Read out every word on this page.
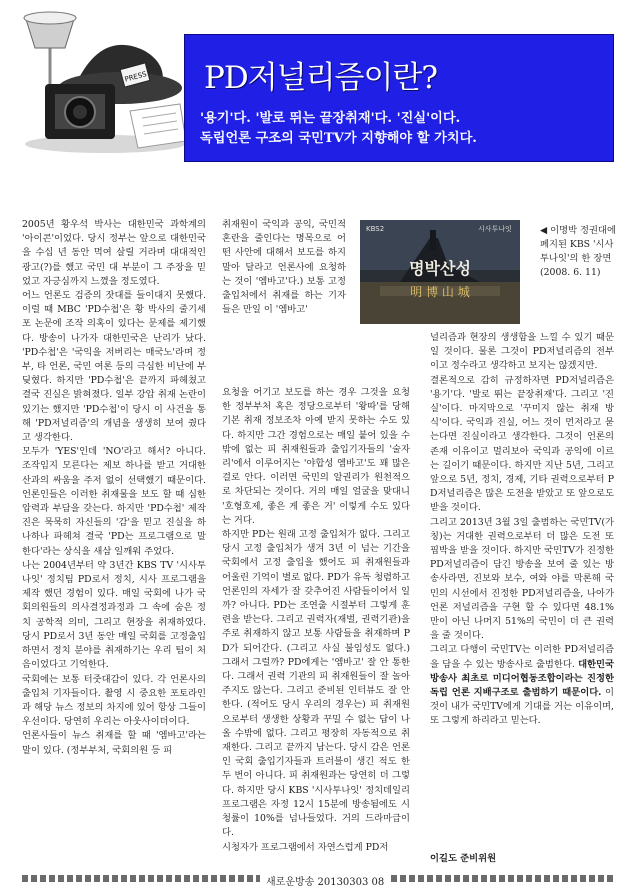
PRESS PD저널리즘이란?
'용기'다. '발로 뛰는 끝장취재'다. '진실'이다.
독립언론 구조의 국민TV가 지향해야 할 가치다.

2005년 황우석 박사는 대한민국 과학계의 '아이콘'이었다. 당시 정부는 앞으로 대한민국을 수십 년 동안 먹여 살릴 거라며 대대적인 광고(?)를 했고 국민 대 부분이 그 주장을 믿었고 자긍심까지 느꼈을 정도였다.

어느 언론도 검증의 잣대를 들이대지 못했다. 이럴 때 MBC 'PD수첩'은 황 박사의 줄기세포 논문에 조작 의혹이 있다는 문제를 제기했다. 방송이 나가자 대한민국은 난리가 났다. 'PD수첩'은 '국익을 저버리는 매국노'라며 정부, 타 언론, 국민 여론 등의 극심한 비난에 부딪혔다. 하지만 'PD수첩'은 끝까지 파헤쳤고 결국 진실은 밝혀졌다. 일부 강압 취재 논란이 있기는 했지만 'PD수첩'이 당시 이 사건을 통해 'PD저널리즘'의 개념을 생생히 보여 줬다고 생각한다.

모두가 'YES'인데 'NO'라고 해서? 아니다. 조작임지 모른다는 제보 하나를 받고 거대한 산과의 싸움을 주저 없이 선택했기 때문이다. 언론인들은 이러한 취재물을 보도 할 때 심한 압력과 부담을 갖는다. 하지만 'PD수첩' 제작진은 묵묵히 자신들의 '감'을 믿고 진실을 하나하나 파헤쳐 결국 'PD는 프로그램으로 말 한다'라는 상식을 새삼 일깨워 주었다.

나는 2004년부터 약 3년간 KBS TV '시사투나잇' 정치팀 PD로서 정치, 시사 프로그램을 제작 했던 경험이 있다. 매일 국회에 나가 국회의원들의 의사결정과정과 그 속에 숨은 정치 공학적 의미, 그리고 현장을 취재하였다. 당시 PD로서 3년 동안 매일 국회를 고정출입 하면서 정치 분야를 취재하기는 우리 팀이 처음이었다고 기억한다.

국회에는 보통 터줏대감이 있다. 각 언론사의 출입처 기자들이다. 촬영 시 중요한 포토라인과 해당 뉴스 정보의 차지에 있어 항상 그들이 우선이다. 당연히 우리는 아웃사이더이다.

언론사들이 뉴스 취재를 할 때 '엠바고'라는 말이 있다. (정부부처, 국회의원 등 피

취재원이 국익과 공익, 국민적 혼란을 줄인다는 명목으로 어떤 사안에 대해서 보도를 하지 말아 달라고 언론사에 요청하는 것이 '엠바고'다.) 보통 고정 출입처에서 취재를 하는 기자들은 만일 이 '엠바고'

요청을 어기고 보도를 하는 경우 그것을 요청한 정부부처 혹은 정당으로부터 '왕따'를 당해 기본 취재 정보조차 아예 받지 못하는 수도 있다. 하지만 그간 경험으로는 매일 붙어 있을 수밖에 없는 피 취재원들과 출입기자들의 '술자리'에서 이루어지는 '야합성 엠바고'도 꽤 많은 걸로 안다. 이러면 국민의 알권리가 원천적으로 차단되는 것이다. 거의 매일 얼굴을 맞대니 '호형호제, 좋은 게 좋은 거' 이렇게 수도 있다는 거다.

하지만 PD는 원래 고정 출입처가 없다. 그리고 당시 고정 출입처가 생겨 3년 이 넘는 기간을 국회에서 고정 출입을 했어도 피 취재원들과 어울린 기억이 별로 없다. PD가 유독 청렴하고 언론인의 자세가 잘 갖추어진 사람들이어서 일까? 아니다. PD는 조연출 시절부터 그렇게 훈련을 받는다. 그리고 권력자(재벌, 권력기관)을 주로 취재하지 않고 보통 사람들을 취재하며 PD가 되어간다. (그리고 사실 불임성도 없다.) 그래서 그럴까? PD에게는 '엠바고' 잘 안 통한다. 그래서 권력 기관의 피 취재원들이 잘 놀아주지도 않는다. 그리고 준비된 인터뷰도 잘 안한다. (적어도 당시 우리의 경우는) 피 취재원으로부터 생생한 상황과 꾸밀 수 없는 답이 나올 수밖에 없다. 그리고 평장히 자동적으로 취재한다. 그리고 끝까지 남는다. 당시 감은 언론인 국회 출입기자들과 트러블이 생긴 적도 한 두 번이 아니다. 피 취재원과는 당연히 더 그렇다. 하지만 당시 KBS '시사투나잇' 정치데일리 프로그램은 자정 12시 15분에 방송됨에도 시청률이 10%를 넘나들었다. 거의 드라마급이다.

시청자가 프로그램에서 자연스럽게 PD저

KBS2	시사투나잇
명박산성
明 博 山 城
◀ 이명박 정권대에 폐지된 KBS '시사투나잇'의 한 장면 (2008. 6. 11)

널리즘과 현장의 생생함을 느낄 수 있기 때문일 것이다. 물론 그것이 PD저널리즘의 전부이고 정수라고 생각하고 보지는 않겠지만.

결론적으로 감히 규정하자면 PD저널리즘은 '용기'다. '발로 뛰는 끝장취재'다. 그리고 '진실'이다. 마지막으로 '꾸미지 않는 취재 방식'이다. 국익과 진실, 어느 것이 먼저라고 묻는다면 진실이라고 생각한다. 그것이 언론의 존재 이유이고 멀리보아 국익과 공익에 이르는 길이기 때문이다. 하지만 지난 5년, 그리고 앞으로 5년, 정치, 경제, 기타 권력으로부터 PD저널리즘은 많은 도전을 받았고 또 앞으로도 받을 것이다.

그리고 2013년 3월 3일 출범하는 국민TV(가칭)는 거대한 권력으로부터 더 많은 도전 또 핍박을 받을 것이다. 하지만 국민TV가 진정한 PD저널리즘이 담긴 방송을 보여 줄 있는 방송사라면, 진보와 보수, 여와 야를 막론해 국민의 시선에서 진정한 PD저널리즘을, 나아가 언론 저널리즘을 구현 할 수 있다면 48.1% 만이 아닌 나머지 51%의 국민이 더 큰 권력을 줄 것이다.

그리고 다행이 국민TV는 이러한 PD저널리즘을 담을 수 있는 방송사로 출범한다. 대한민국 방송사 최초로 미디어협동조합이라는 진정한 독립 언론 지배구조로 출범하기 때문이다. 이것이 내가 국민TV에게 기대를 거는 이유이며, 또 그렇게 하리라고 믿는다.

이길도 준비위원
새로운방송 20130303 08
